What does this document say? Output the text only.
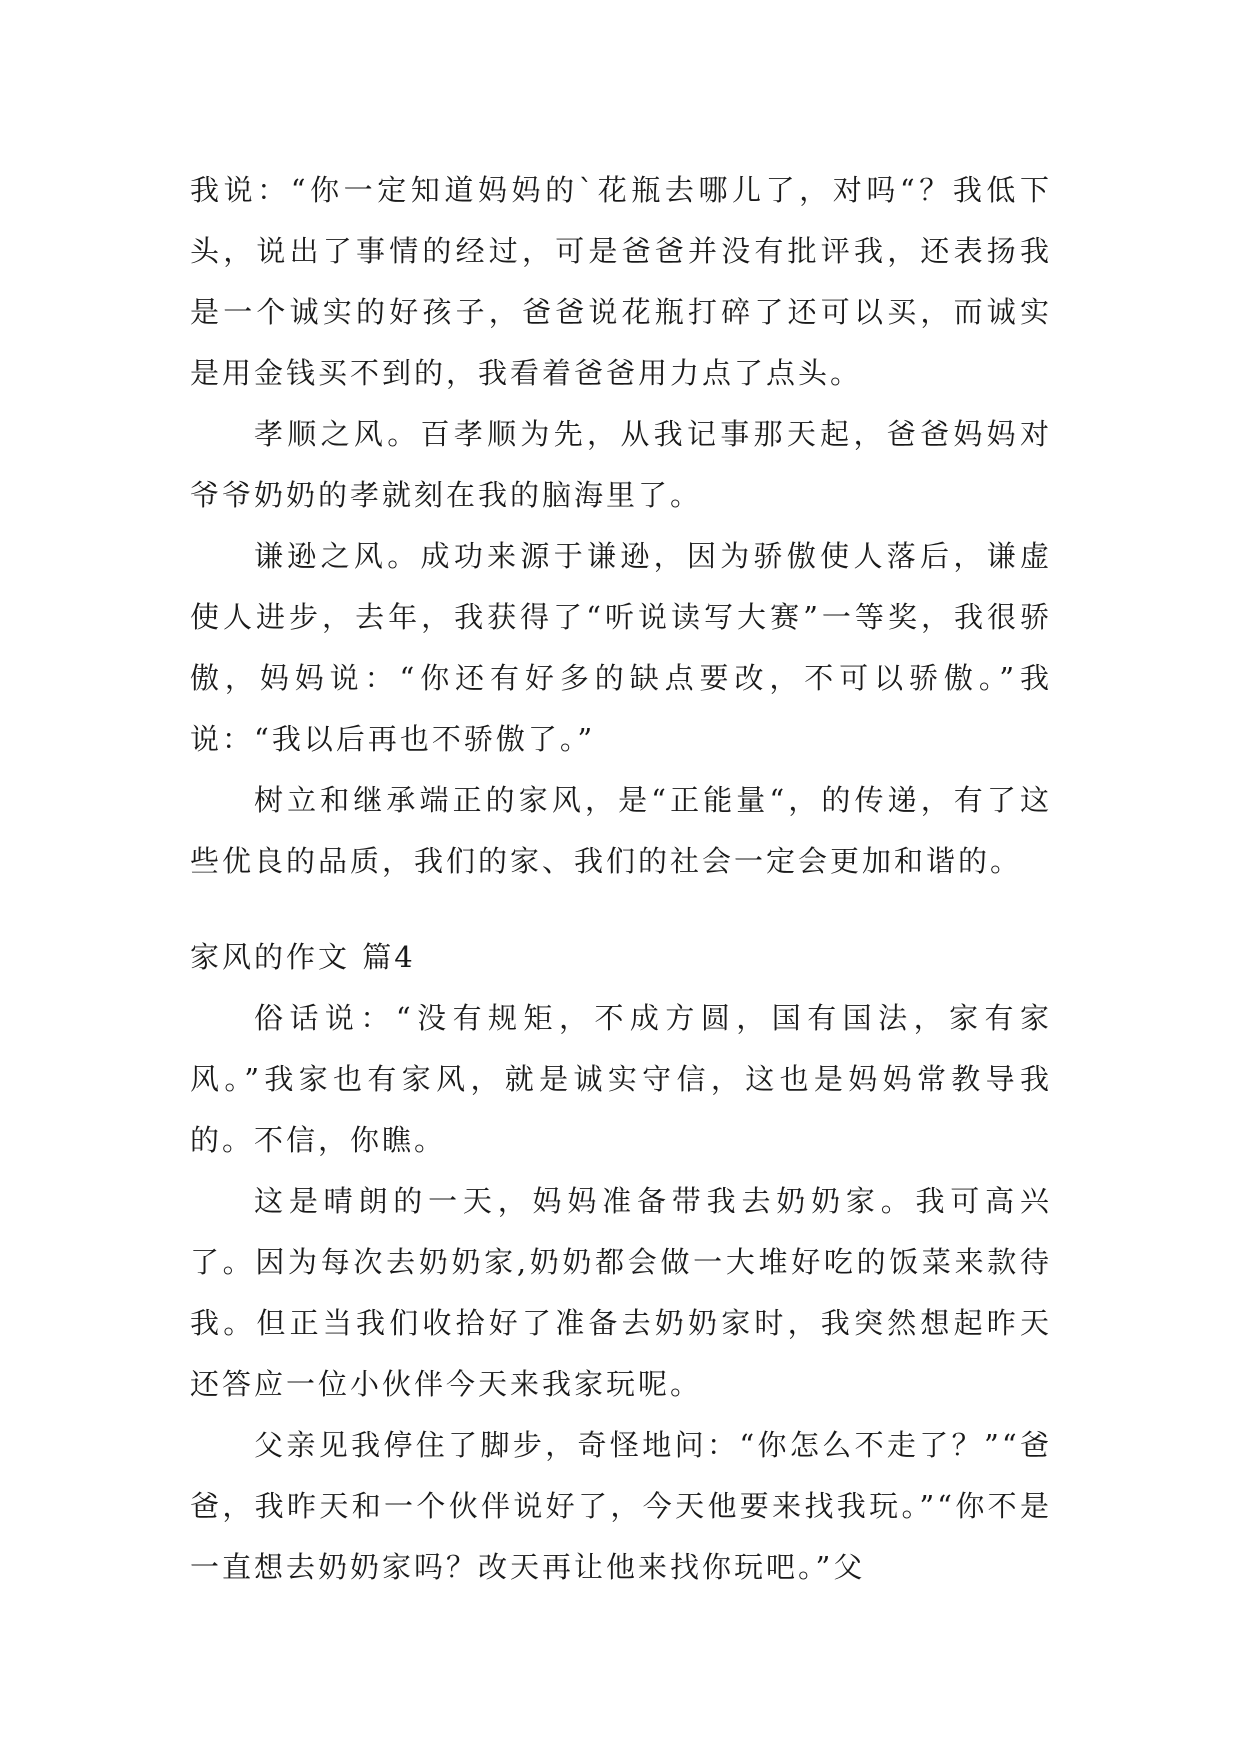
我说：“你一定知道妈妈的`花瓶去哪儿了，对吗“？我低下头，说出了事情的经过，可是爸爸并没有批评我，还表扬我是一个诚实的好孩子，爸爸说花瓶打碎了还可以买，而诚实是用金钱买不到的，我看着爸爸用力点了点头。

孝顺之风。百孝顺为先，从我记事那天起，爸爸妈妈对爷爷奶奶的孝就刻在我的脑海里了。

谦逊之风。成功来源于谦逊，因为骄傲使人落后，谦虚使人进步，去年，我获得了“听说读写大赛”一等奖，我很骄傲，妈妈说：“你还有好多的缺点要改，不可以骄傲。”我说：“我以后再也不骄傲了。”

树立和继承端正的家风，是“正能量“，的传递，有了这些优良的品质，我们的家、我们的社会一定会更加和谐的。

家风的作文 篇4

俗话说：“没有规矩，不成方圆，国有国法，家有家风。”我家也有家风，就是诚实守信，这也是妈妈常教导我的。不信，你瞧。

这是晴朗的一天，妈妈准备带我去奶奶家。我可高兴了。因为每次去奶奶家,奶奶都会做一大堆好吃的饭菜来款待我。但正当我们收拾好了准备去奶奶家时，我突然想起昨天还答应一位小伙伴今天来我家玩呢。

父亲见我停住了脚步，奇怪地问：“你怎么不走了？”“爸爸，我昨天和一个伙伴说好了，今天他要来找我玩。”“你不是一直想去奶奶家吗？改天再让他来找你玩吧。”父
